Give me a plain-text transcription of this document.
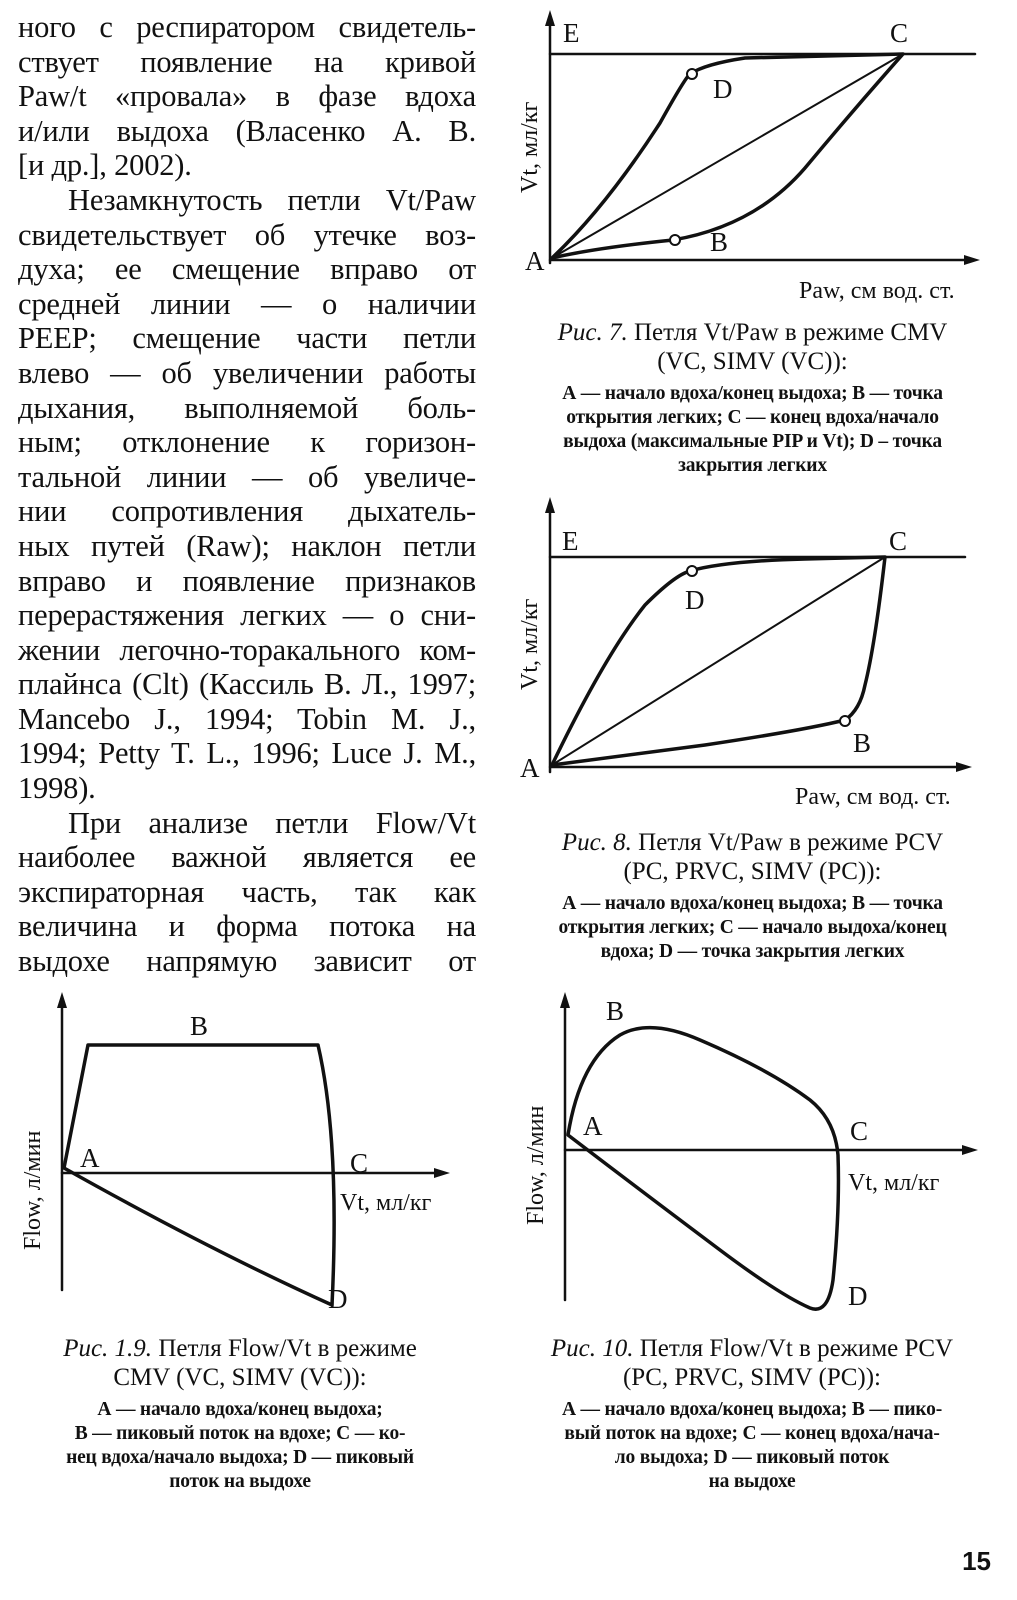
ного с респиратором свидетель-
ствует появление на кривой
Paw/t «провала» в фазе вдоха
и/или выдоха (Власенко А. В.
[и др.], 2002).

Незамкнутость петли Vt/Paw
свидетельствует об утечке воз-
духа; ее смещение вправо от
средней линии — о наличии
PEEP; смещение части петли
влево — об увеличении работы
дыхания, выполняемой боль-
ным; отклонение к горизон-
тальной линии — об увеличе-
нии сопротивления дыхатель-
ных путей (Raw); наклон петли
вправо и появление признаков
перерастяжения легких — о сни-
жении легочно-торакального ком-
плайнса (Clt) (Кассиль В. Л., 1997;
Mancebo J., 1994; Tobin M. J.,
1994; Petty T. L., 1996; Luce J. M.,
1998).

При анализе петли Flow/Vt
наиболее важной является ее
экспираторная часть, так как
величина и форма потока на
выдохе напрямую зависит от

E	C
D
B
A
Paw, см вод. ст.
Vt, мл/кг

Рис. 7. Петля Vt/Paw в режиме CMV

(VC, SIMV (VC)):

А — начало вдоха/конец выдоха; В — точка
открытия легких; С — конец вдоха/начало
выдоха (максимальные PIP и Vt); D – точка
закрытия легких

E	C
D
B
A
Paw, см вод. ст.
Vt, мл/кг

Рис. 8. Петля Vt/Paw в режиме PCV

(PC, PRVC, SIMV (PC)):

А — начало вдоха/конец выдоха; В — точка
открытия легких; С — начало выдоха/конец
вдоха; D — точка закрытия легких

B
A	C
D
Vt, мл/кг
Flow, л/мин

Рис. 1.9. Петля Flow/Vt в режиме

CMV (VC, SIMV (VC)):

А — начало вдоха/конец выдоха;
В — пиковый поток на вдохе; С — ко-
нец вдоха/начало выдоха; D — пиковый
поток на выдохе

B
A	C
D
Vt, мл/кг
Flow, л/мин

Рис. 10. Петля Flow/Vt в режиме PCV

(PC, PRVC, SIMV (PC)):

А — начало вдоха/конец выдоха; В — пико-
вый поток на вдохе; С — конец вдоха/нача-
ло выдоха; D — пиковый поток
на выдохе

15
